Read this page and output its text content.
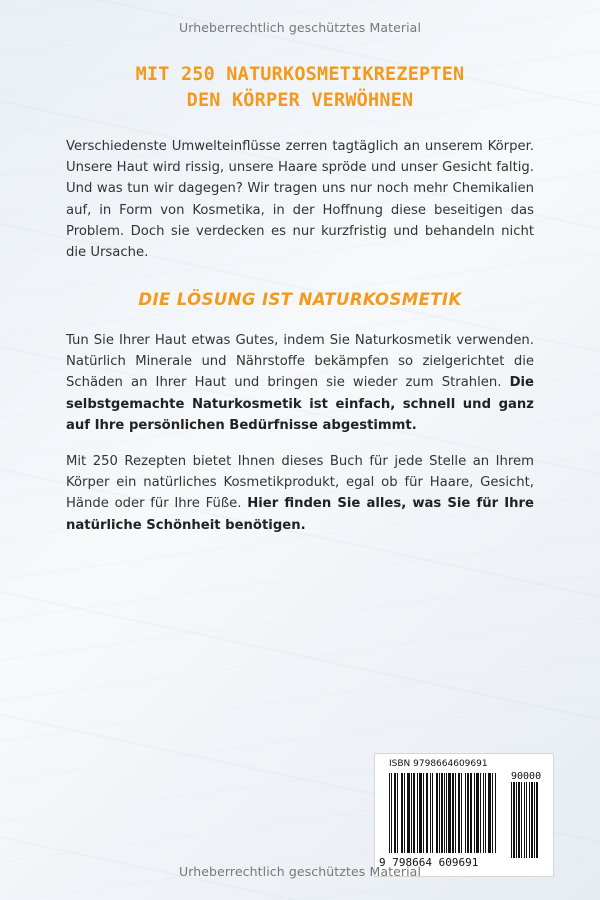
Urheberrechtlich geschütztes Material
MIT 250 NATURKOSMETIKREZEPTEN
DEN KÖRPER VERWÖHNEN
Verschiedenste Umwelteinflüsse zerren tagtäglich an unserem Körper. Unsere Haut wird rissig, unsere Haare spröde und unser Gesicht faltig. Und was tun wir dagegen? Wir tragen uns nur noch mehr Chemikalien auf, in Form von Kosmetika, in der Hoffnung diese beseitigen das Problem. Doch sie verdecken es nur kurzfristig und behandeln nicht die Ursache.
DIE LÖSUNG IST NATURKOSMETIK
Tun Sie Ihrer Haut etwas Gutes, indem Sie Naturkosmetik verwenden. Natürlich Minerale und Nährstoffe bekämpfen so zielgerichtet die Schäden an Ihrer Haut und bringen sie wieder zum Strahlen. Die selbstgemachte Naturkosmetik ist einfach, schnell und ganz auf Ihre persönlichen Bedürfnisse abgestimmt.
Mit 250 Rezepten bietet Ihnen dieses Buch für jede Stelle an Ihrem Körper ein natürliches Kosmetikprodukt, egal ob für Haare, Gesicht, Hände oder für Ihre Füße. Hier finden Sie alles, was Sie für Ihre natürliche Schönheit benötigen.
ISBN 9798664609691
90000
9 798664 609691
Urheberrechtlich geschütztes Material
